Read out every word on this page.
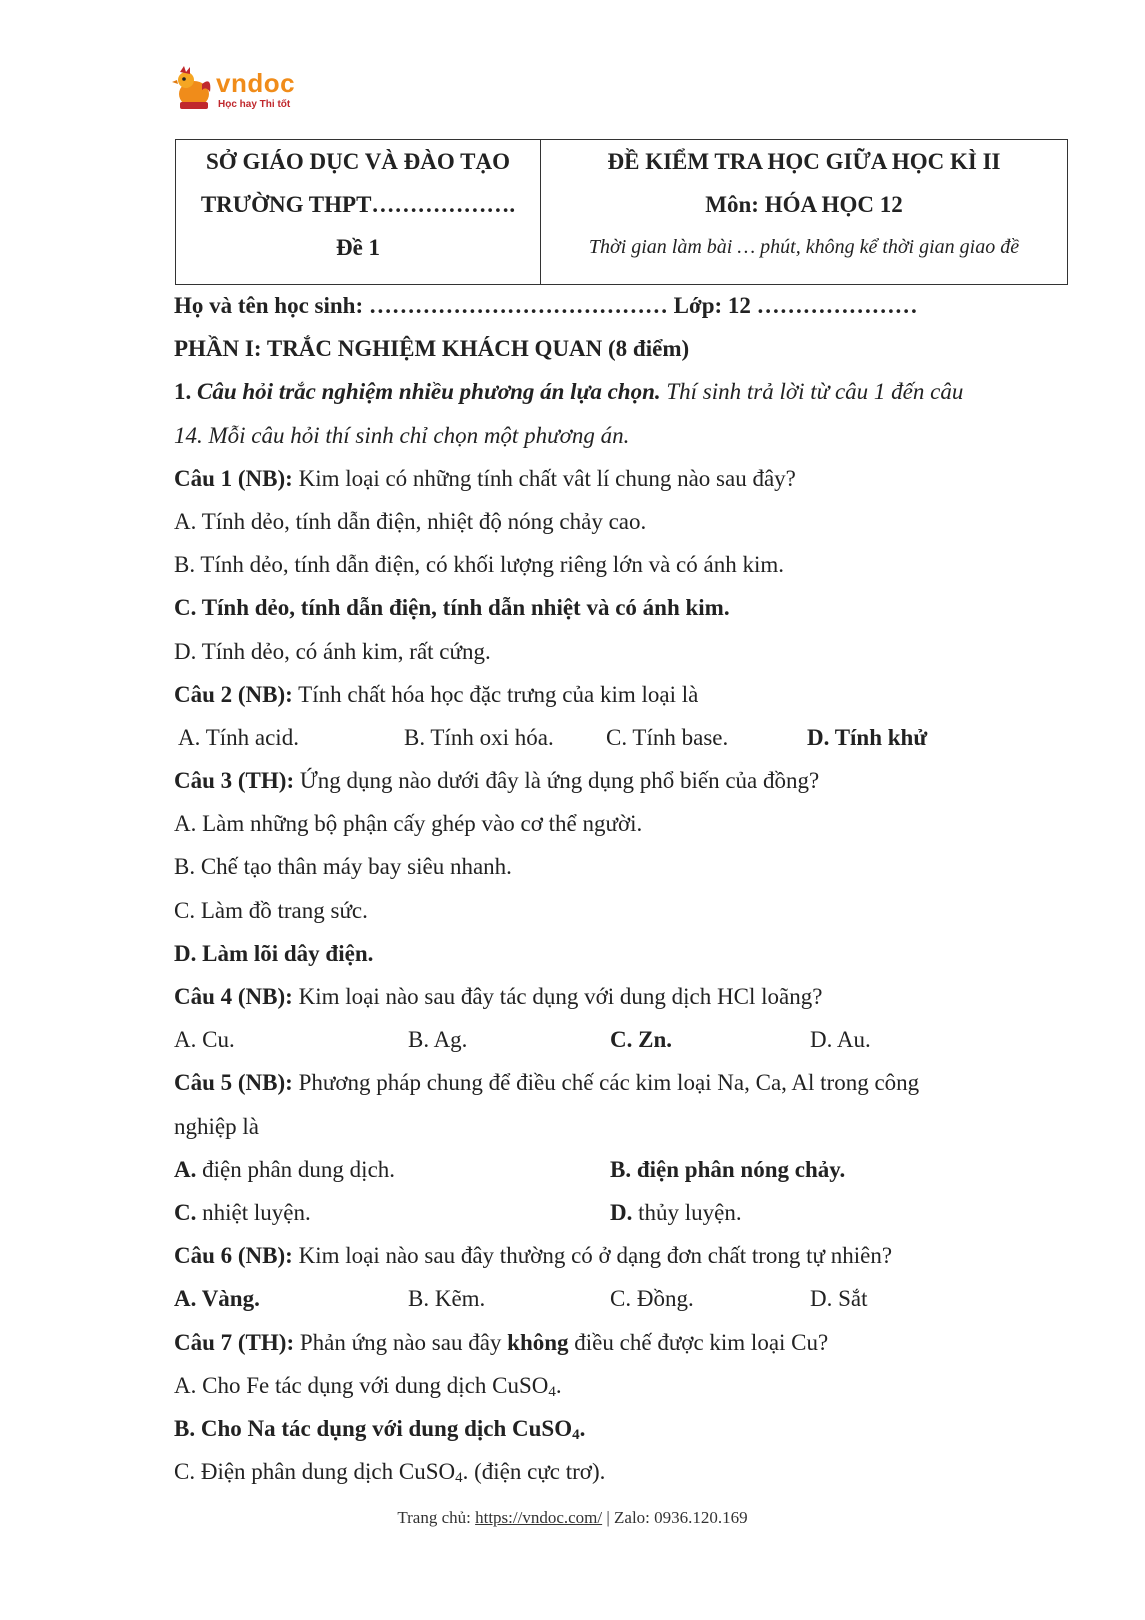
vndoc
Học hay Thi tốt
SỞ GIÁO DỤC VÀ ĐÀO TẠO
TRƯỜNG THPT……………….
Đề 1
ĐỀ KIỂM TRA HỌC GIỮA HỌC KÌ II
Môn: HÓA HỌC 12
Thời gian làm bài … phút, không kể thời gian giao đề
Họ và tên học sinh: ………………………………… Lớp: 12 …………………
PHẦN I: TRẮC NGHIỆM KHÁCH QUAN (8 điểm)
1. Câu hỏi trắc nghiệm nhiều phương án lựa chọn. Thí sinh trả lời từ câu 1 đến câu
14. Mỗi câu hỏi thí sinh chỉ chọn một phương án.
Câu 1 (NB): Kim loại có những tính chất vât lí chung nào sau đây?
A. Tính dẻo, tính dẫn điện, nhiệt độ nóng chảy cao.
B. Tính dẻo, tính dẫn điện, có khối lượng riêng lớn và có ánh kim.
C. Tính dẻo, tính dẫn điện, tính dẫn nhiệt và có ánh kim.
D. Tính dẻo, có ánh kim, rất cứng.
Câu 2 (NB): Tính chất hóa học đặc trưng của kim loại là
A. Tính acid.	B. Tính oxi hóa.	C. Tính base.	D. Tính khử
Câu 3 (TH): Ứng dụng nào dưới đây là ứng dụng phổ biến của đồng?
A. Làm những bộ phận cấy ghép vào cơ thể người.
B. Chế tạo thân máy bay siêu nhanh.
C. Làm đồ trang sức.
D. Làm lõi dây điện.
Câu 4 (NB): Kim loại nào sau đây tác dụng với dung dịch HCl loãng?
A. Cu.	B. Ag.	C. Zn.	D. Au.
Câu 5 (NB): Phương pháp chung để điều chế các kim loại Na, Ca, Al trong công
nghiệp là
A. điện phân dung dịch.	B. điện phân nóng chảy.
C. nhiệt luyện.	D. thủy luyện.
Câu 6 (NB): Kim loại nào sau đây thường có ở dạng đơn chất trong tự nhiên?
A. Vàng.	B. Kẽm.	C. Đồng.	D. Sắt
Câu 7 (TH): Phản ứng nào sau đây không điều chế được kim loại Cu?
A. Cho Fe tác dụng với dung dịch CuSO$_4$.
B. Cho Na tác dụng với dung dịch CuSO$_4$.
C. Điện phân dung dịch CuSO$_4$. (điện cực trơ).
Trang chủ: https://vndoc.com/ | Zalo: 0936.120.169
